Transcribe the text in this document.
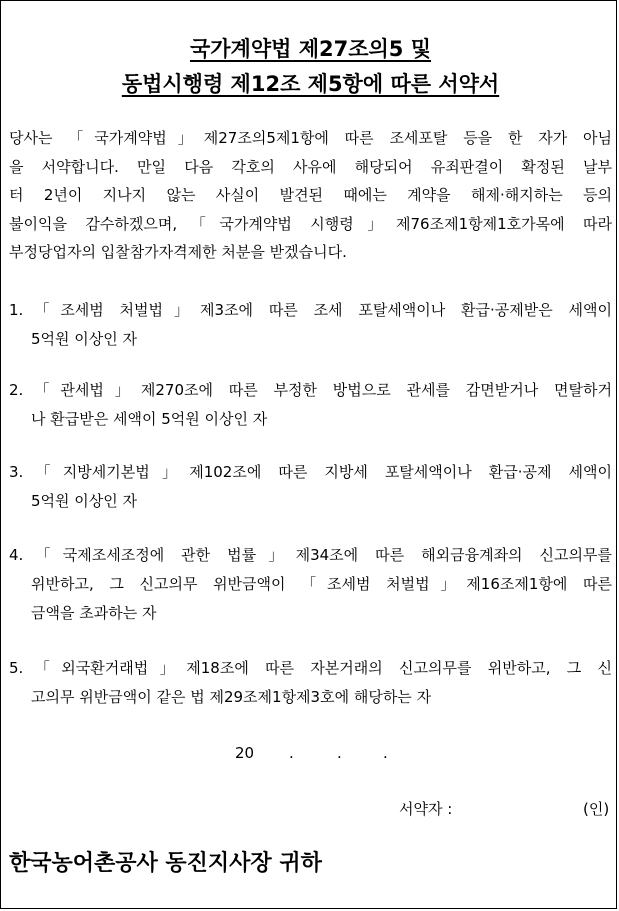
국가계약법 제27조의5 및
동법시행령 제12조 제5항에 따른 서약서
당사는 「국가계약법」제27조의5제1항에 따른 조세포탈 등을 한 자가 아님
을 서약합니다. 만일 다음 각호의 사유에 해당되어 유죄판결이 확정된 날부
터 2년이 지나지 않는 사실이 발견된 때에는 계약을 해제·해지하는 등의
불이익을 감수하겠으며,「국가계약법 시행령」제76조제1항제1호가목에 따라
부정당업자의 입찰참가자격제한 처분을 받겠습니다.
1.「조세범 처벌법」제3조에 따른 조세 포탈세액이나 환급·공제받은 세액이
5억원 이상인 자
2.「관세법」제270조에 따른 부정한 방법으로 관세를 감면받거나 면탈하거
나 환급받은 세액이 5억원 이상인 자
3.「지방세기본법」제102조에 따른 지방세 포탈세액이나 환급·공제 세액이
5억원 이상인 자
4.「국제조세조정에 관한 법률」제34조에 따른 해외금융계좌의 신고의무를
위반하고, 그 신고의무 위반금액이 「조세범 처벌법」제16조제1항에 따른
금액을 초과하는 자
5.「외국환거래법」제18조에 따른 자본거래의 신고의무를 위반하고, 그 신
고의무 위반금액이 같은 법 제29조제1항제3호에 해당하는 자
20 .	.	.
서약자 :	(인)
한국농어촌공사 동진지사장 귀하
